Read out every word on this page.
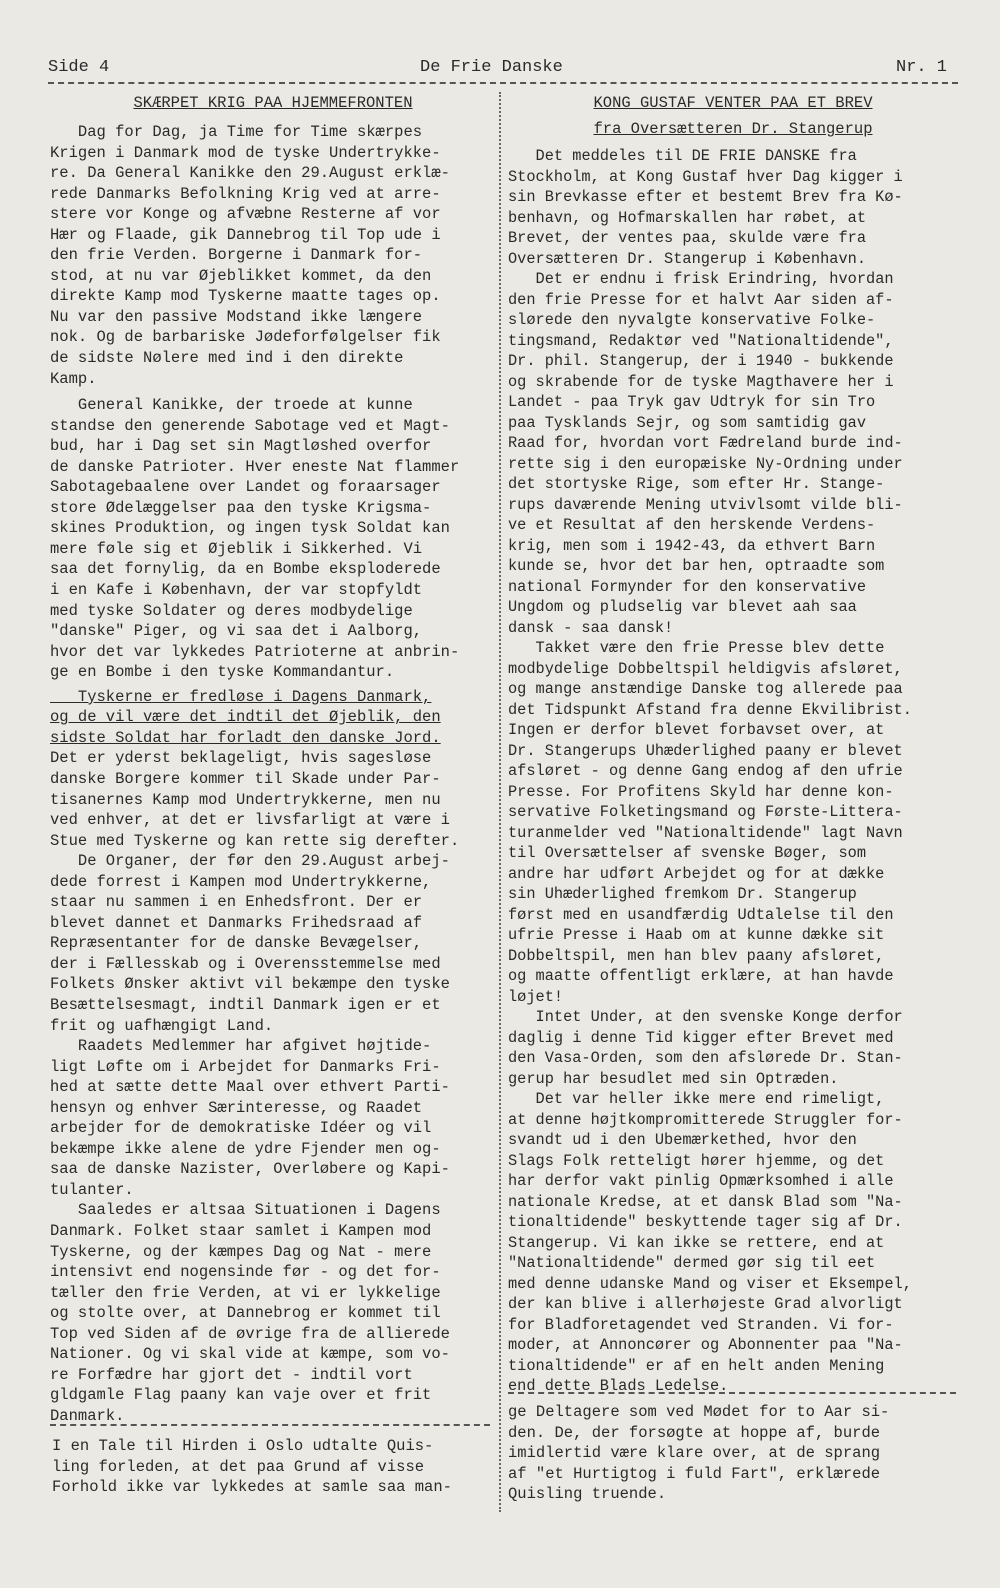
Side 4	De Frie Danske	Nr. 1
SKÆRPET KRIG PAA HJEMMEFRONTEN

Dag for Dag, ja Time for Time skærpes
Krigen i Danmark mod de tyske Undertrykke-
re. Da General Kanikke den 29.August erklæ-
rede Danmarks Befolkning Krig ved at arre-
stere vor Konge og afvæbne Resterne af vor
Hær og Flaade, gik Dannebrog til Top ude i
den frie Verden. Borgerne i Danmark for-
stod, at nu var Øjeblikket kommet, da den
direkte Kamp mod Tyskerne maatte tages op.
Nu var den passive Modstand ikke længere
nok. Og de barbariske Jødeforfølgelser fik
de sidste Nølere med ind i den direkte
Kamp.

General Kanikke, der troede at kunne
standse den generende Sabotage ved et Magt-
bud, har i Dag set sin Magtløshed overfor
de danske Patrioter. Hver eneste Nat flammer
Sabotagebaalene over Landet og foraarsager
store Ødelæggelser paa den tyske Krigsma-
skines Produktion, og ingen tysk Soldat kan
mere føle sig et Øjeblik i Sikkerhed. Vi
saa det fornylig, da en Bombe eksploderede
i en Kafe i København, der var stopfyldt
med tyske Soldater og deres modbydelige
"danske" Piger, og vi saa det i Aalborg,
hvor det var lykkedes Patrioterne at anbrin-
ge en Bombe i den tyske Kommandantur.

Tyskerne er fredløse i Dagens Danmark,
og de vil være det indtil det Øjeblik, den
sidste Soldat har forladt den danske Jord.

Det er yderst beklageligt, hvis sagesløse
danske Borgere kommer til Skade under Par-
tisanernes Kamp mod Undertrykkerne, men nu
ved enhver, at det er livsfarligt at være i
Stue med Tyskerne og kan rette sig derefter.

De Organer, der før den 29.August arbej-
dede forrest i Kampen mod Undertrykkerne,
staar nu sammen i en Enhedsfront. Der er
blevet dannet et Danmarks Frihedsraad af
Repræsentanter for de danske Bevægelser,
der i Fællesskab og i Overensstemmelse med
Folkets Ønsker aktivt vil bekæmpe den tyske
Besættelsesmagt, indtil Danmark igen er et
frit og uafhængigt Land.

Raadets Medlemmer har afgivet højtide-
ligt Løfte om i Arbejdet for Danmarks Fri-
hed at sætte dette Maal over ethvert Parti-
hensyn og enhver Særinteresse, og Raadet
arbejder for de demokratiske Idéer og vil
bekæmpe ikke alene de ydre Fjender men og-
saa de danske Nazister, Overløbere og Kapi-
tulanter.

Saaledes er altsaa Situationen i Dagens
Danmark. Folket staar samlet i Kampen mod
Tyskerne, og der kæmpes Dag og Nat - mere
intensivt end nogensinde før - og det for-
tæller den frie Verden, at vi er lykkelige
og stolte over, at Dannebrog er kommet til
Top ved Siden af de øvrige fra de allierede
Nationer. Og vi skal vide at kæmpe, som vo-
re Forfædre har gjort det - indtil vort
gldgamle Flag paany kan vaje over et frit
Danmark.

I en Tale til Hirden i Oslo udtalte Quis-
ling forleden, at det paa Grund af visse
Forhold ikke var lykkedes at samle saa man-

KONG GUSTAF VENTER PAA ET BREV
fra Oversætteren Dr. Stangerup

Det meddeles til DE FRIE DANSKE fra
Stockholm, at Kong Gustaf hver Dag kigger i
sin Brevkasse efter et bestemt Brev fra Kø-
benhavn, og Hofmarskallen har røbet, at
Brevet, der ventes paa, skulde være fra
Oversætteren Dr. Stangerup i København.
Det er endnu i frisk Erindring, hvordan
den frie Presse for et halvt Aar siden af-
slørede den nyvalgte konservative Folke-
tingsmand, Redaktør ved "Nationaltidende",
Dr. phil. Stangerup, der i 1940 - bukkende
og skrabende for de tyske Magthavere her i
Landet - paa Tryk gav Udtryk for sin Tro
paa Tysklands Sejr, og som samtidig gav
Raad for, hvordan vort Fædreland burde ind-
rette sig i den europæiske Ny-Ordning under
det stortyske Rige, som efter Hr. Stange-
rups daværende Mening utvivlsomt vilde bli-
ve et Resultat af den herskende Verdens-
krig, men som i 1942-43, da ethvert Barn
kunde se, hvor det bar hen, optraadte som
national Formynder for den konservative
Ungdom og pludselig var blevet aah saa
dansk - saa dansk!
Takket være den frie Presse blev dette
modbydelige Dobbeltspil heldigvis afsløret,
og mange anstændige Danske tog allerede paa
det Tidspunkt Afstand fra denne Ekvilibrist.
Ingen er derfor blevet forbavset over, at
Dr. Stangerups Uhæderlighed paany er blevet
afsløret - og denne Gang endog af den ufrie
Presse. For Profitens Skyld har denne kon-
servative Folketingsmand og Første-Littera-
turanmelder ved "Nationaltidende" lagt Navn
til Oversættelser af svenske Bøger, som
andre har udført Arbejdet og for at dække
sin Uhæderlighed fremkom Dr. Stangerup
først med en usandfærdig Udtalelse til den
ufrie Presse i Haab om at kunne dække sit
Dobbeltspil, men han blev paany afsløret,
og maatte offentligt erklære, at han havde
løjet!
Intet Under, at den svenske Konge derfor
daglig i denne Tid kigger efter Brevet med
den Vasa-Orden, som den afslørede Dr. Stan-
gerup har besudlet med sin Optræden.
Det var heller ikke mere end rimeligt,
at denne højtkompromitterede Struggler for-
svandt ud i den Ubemærkethed, hvor den
Slags Folk retteligt hører hjemme, og det
har derfor vakt pinlig Opmærksomhed i alle
nationale Kredse, at et dansk Blad som "Na-
tionaltidende" beskyttende tager sig af Dr.
Stangerup. Vi kan ikke se rettere, end at
"Nationaltidende" dermed gør sig til eet
med denne udanske Mand og viser et Eksempel,
der kan blive i allerhøjeste Grad alvorligt
for Bladforetagendet ved Stranden. Vi for-
moder, at Annoncører og Abonnenter paa "Na-
tionaltidende" er af en helt anden Mening
end dette Blads Ledelse.

ge Deltagere som ved Mødet for to Aar si-
den. De, der forsøgte at hoppe af, burde
imidlertid være klare over, at de sprang
af "et Hurtigtog i fuld Fart", erklærede
Quisling truende.
